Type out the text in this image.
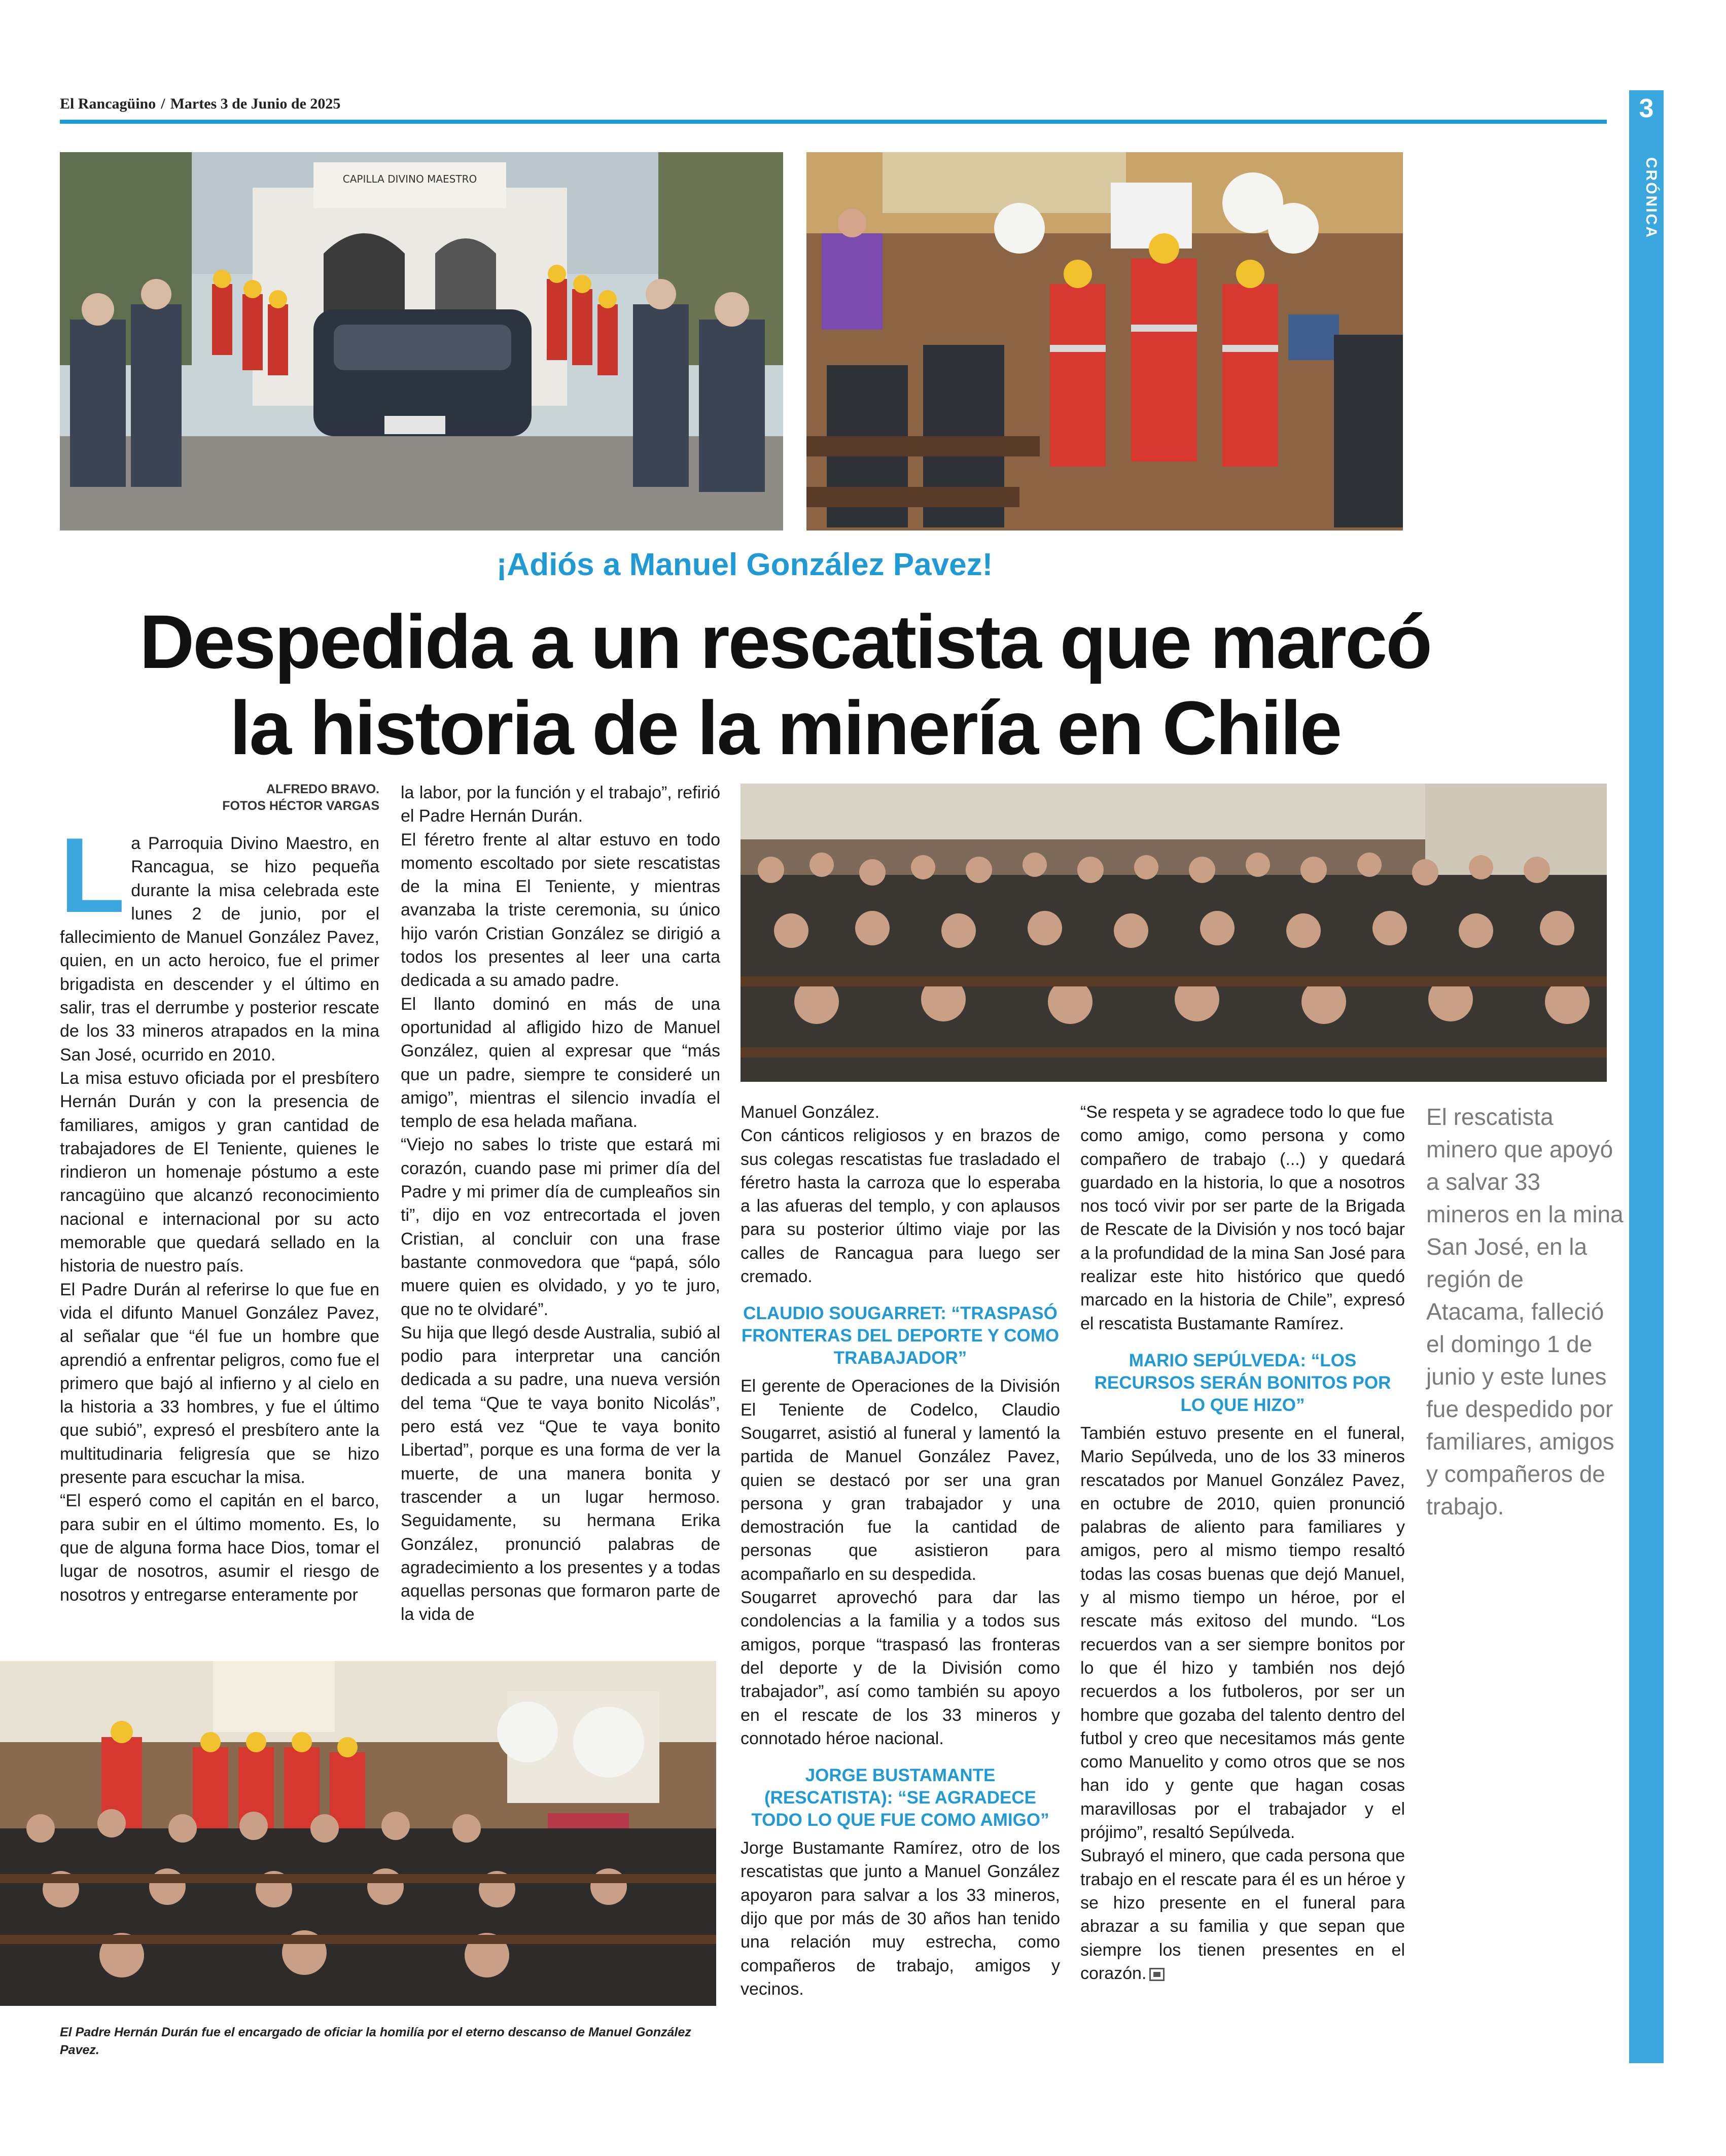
El Rancagüino / Martes 3 de Junio de 2025	3
CRÓNICA
CAPILLA DIVINO MAESTRO
¡Adiós a Manuel González Pavez!
Despedida a un rescatista que marcó
la historia de la minería en Chile
ALFREDO BRAVO.
FOTOS HÉCTOR VARGAS

La Parroquia Divino Maestro, en Rancagua, se hizo pequeña durante la misa celebrada este lunes 2 de junio, por el fallecimiento de Manuel González Pavez, quien, en un acto heroico, fue el primer brigadista en descender y el último en salir, tras el derrumbe y posterior rescate de los 33 mineros atrapados en la mina San José, ocurrido en 2010.

La misa estuvo oficiada por el presbítero Hernán Durán y con la presencia de familiares, amigos y gran cantidad de trabajadores de El Teniente, quienes le rindieron un homenaje póstumo a este rancagüino que alcanzó reconocimiento nacional e internacional por su acto memorable que quedará sellado en la historia de nuestro país.

El Padre Durán al referirse lo que fue en vida el difunto Manuel González Pavez, al señalar que “él fue un hombre que aprendió a enfrentar peligros, como fue el primero que bajó al infierno y al cielo en la historia a 33 hombres, y fue el último que subió”, expresó el presbítero ante la multitudinaria feligresía que se hizo presente para escuchar la misa.

“El esperó como el capitán en el barco, para subir en el último momento. Es, lo que de alguna forma hace Dios, tomar el lugar de nosotros, asumir el riesgo de nosotros y entregarse enteramente por

la labor, por la función y el trabajo”, refirió el Padre Hernán Durán.

El féretro frente al altar estuvo en todo momento escoltado por siete rescatistas de la mina El Teniente, y mientras avanzaba la triste ceremonia, su único hijo varón Cristian González se dirigió a todos los presentes al leer una carta dedicada a su amado padre.

El llanto dominó en más de una oportunidad al afligido hizo de Manuel González, quien al expresar que “más que un padre, siempre te consideré un amigo”, mientras el silencio invadía el templo de esa helada mañana.

“Viejo no sabes lo triste que estará mi corazón, cuando pase mi primer día del Padre y mi primer día de cumpleaños sin ti”, dijo en voz entrecortada el joven Cristian, al concluir con una frase bastante conmovedora que “papá, sólo muere quien es olvidado, y yo te juro, que no te olvidaré”.

Su hija que llegó desde Australia, subió al podio para interpretar una canción dedicada a su padre, una nueva versión del tema “Que te vaya bonito Nicolás”, pero está vez “Que te vaya bonito Libertad”, porque es una forma de ver la muerte, de una manera bonita y trascender a un lugar hermoso. Seguidamente, su hermana Erika González, pronunció palabras de agradecimiento a los presentes y a todas aquellas personas que formaron parte de la vida de

Manuel González.

Con cánticos religiosos y en brazos de sus colegas rescatistas fue trasladado el féretro hasta la carroza que lo esperaba a las afueras del templo, y con aplausos para su posterior último viaje por las calles de Rancagua para luego ser cremado.

CLAUDIO SOUGARRET: “TRASPASÓ FRONTERAS DEL DEPORTE Y COMO TRABAJADOR”

El gerente de Operaciones de la División El Teniente de Codelco, Claudio Sougarret, asistió al funeral y lamentó la partida de Manuel González Pavez, quien se destacó por ser una gran persona y gran trabajador y una demostración fue la cantidad de personas que asistieron para acompañarlo en su despedida.

Sougarret aprovechó para dar las condolencias a la familia y a todos sus amigos, porque “traspasó las fronteras del deporte y de la División como trabajador”, así como también su apoyo en el rescate de los 33 mineros y connotado héroe nacional.

JORGE BUSTAMANTE (RESCATISTA): “SE AGRADECE TODO LO QUE FUE COMO AMIGO”

Jorge Bustamante Ramírez, otro de los rescatistas que junto a Manuel González apoyaron para salvar a los 33 mineros, dijo que por más de 30 años han tenido una relación muy estrecha, como compañeros de trabajo, amigos y vecinos.

“Se respeta y se agradece todo lo que fue como amigo, como persona y como compañero de trabajo (...) y quedará guardado en la historia, lo que a nosotros nos tocó vivir por ser parte de la Brigada de Rescate de la División y nos tocó bajar a la profundidad de la mina San José para realizar este hito histórico que quedó marcado en la historia de Chile”, expresó el rescatista Bustamante Ramírez.

MARIO SEPÚLVEDA: “LOS RECURSOS SERÁN BONITOS POR LO QUE HIZO”

También estuvo presente en el funeral, Mario Sepúlveda, uno de los 33 mineros rescatados por Manuel González Pavez, en octubre de 2010, quien pronunció palabras de aliento para familiares y amigos, pero al mismo tiempo resaltó todas las cosas buenas que dejó Manuel, y al mismo tiempo un héroe, por el rescate más exitoso del mundo. “Los recuerdos van a ser siempre bonitos por lo que él hizo y también nos dejó recuerdos a los futboleros, por ser un hombre que gozaba del talento dentro del futbol y creo que necesitamos más gente como Manuelito y como otros que se nos han ido y gente que hagan cosas maravillosas por el trabajador y el prójimo”, resaltó Sepúlveda.

Subrayó el minero, que cada persona que trabajo en el rescate para él es un héroe y se hizo presente en el funeral para abrazar a su familia y que sepan que siempre los tienen presentes en el corazón.

El rescatista minero que apoyó a salvar 33 mineros en la mina San José, en la región de Atacama, falleció el domingo 1 de junio y este lunes fue despedido por familiares, amigos y compañeros de trabajo.
El Padre Hernán Durán fue el encargado de oficiar la homilía por el eterno descanso de Manuel González Pavez.
